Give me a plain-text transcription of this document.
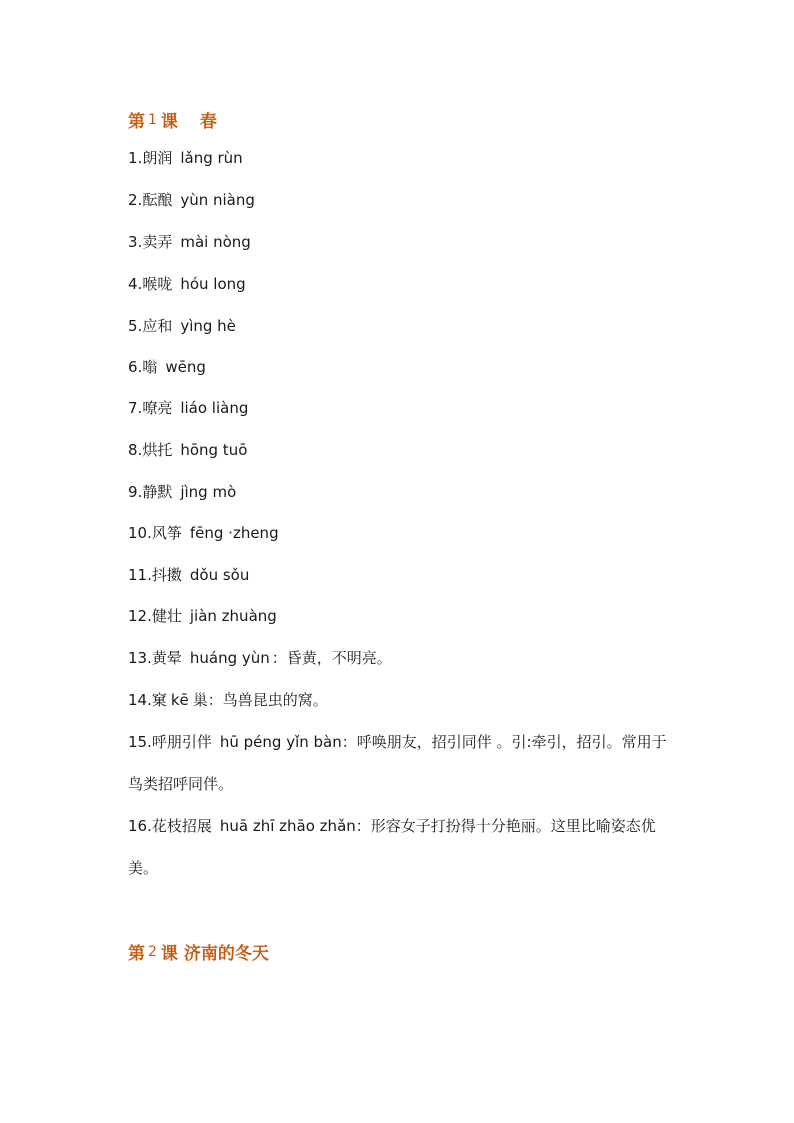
第 1 课 春
1.朗润 lǎng rùn
2.酝酿 yùn niàng
3.卖弄 mài nòng
4.喉咙 hóu long
5.应和 yìng hè
6.嗡 wēng
7.嘹亮 liáo liàng
8.烘托 hōng tuō
9.静默 jìng mò
10.风筝 fēng ·zheng
11.抖擞 dǒu sǒu
12.健壮 jiàn zhuàng
13.黄晕 huáng yùn ：昏黄，不明亮。
14.窠 kē 巢：鸟兽昆虫的窝。
15.呼朋引伴 hū péng yǐn bàn：呼唤朋友，招引同伴 。引:牵引，招引。常用于鸟类招呼同伴。
16.花枝招展 huā zhī zhāo zhǎn：形容女子打扮得十分艳丽。这里比喻姿态优美。
第 2 课 济南的冬天
